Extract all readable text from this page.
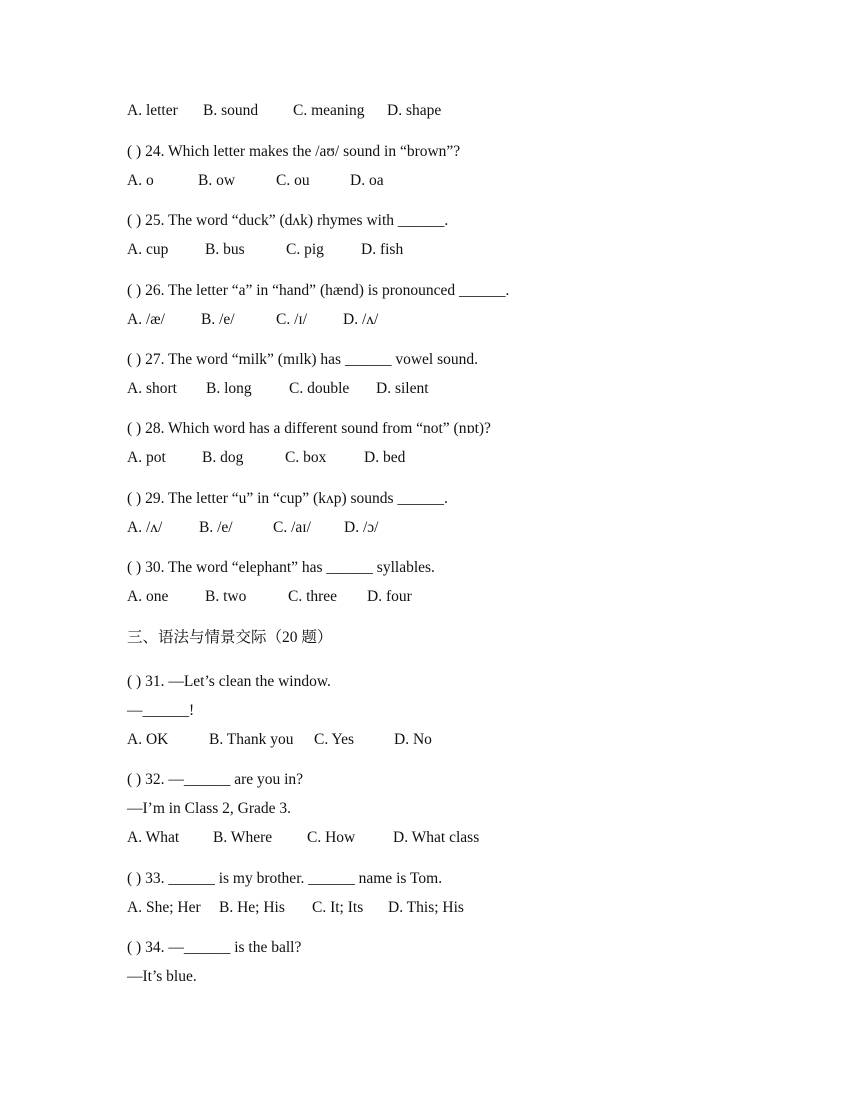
A. letter B. sound C. meaning D. shape
( ) 24. Which letter makes the /aʊ/ sound in “brown”?
A. o	B. ow	C. ou	D. oa
( ) 25. The word “duck” (dʌk) rhymes with ______.
A. cup B. bus	C. pig D. fish
( ) 26. The letter “a” in “hand” (hænd) is pronounced ______.
A. /æ/ B. /e/	C. /ɪ/ D. /ʌ/
( ) 27. The word “milk” (mɪlk) has ______ vowel sound.
A. short B. long C. double D. silent
( ) 28. Which word has a different sound from “not” (nɒt)?
A. pot B. dog	C. box D. bed
( ) 29. The letter “u” in “cup” (kʌp) sounds ______.
A. /ʌ/ B. /e/	C. /aɪ/ D. /ɔ/
( ) 30. The word “elephant” has ______ syllables.
A. one B. two	C. three D. four
三、语法与情景交际（20 题）
( ) 31. —Let’s clean the window.
—______!
A. OK	B. Thank you C. Yes	D. No
( ) 32. —______ are you in?
—I’m in Class 2, Grade 3.
A. What B. Where C. How D. What class
( ) 33. ______ is my brother. ______ name is Tom.
A. She; Her B. He; His C. It; Its D. This; His
( ) 34. —______ is the ball?
—It’s blue.
